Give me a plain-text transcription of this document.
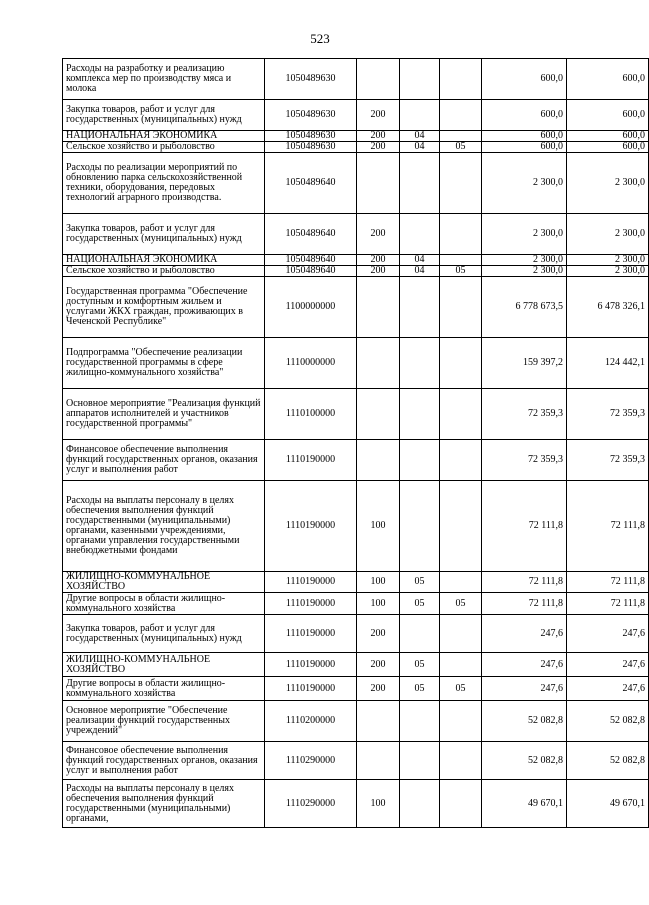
523
Расходы на разработку и реализацию комплекса мер по производству мяса и молока	1050489630				600,0	600,0
Закупка товаров, работ и услуг для государственных (муниципальных) нужд	1050489630	200			600,0	600,0
НАЦИОНАЛЬНАЯ ЭКОНОМИКА	1050489630	200	04		600,0	600,0
Сельское хозяйство и рыболовство	1050489630	200	04	05	600,0	600,0
Расходы по реализации мероприятий по обновлению парка сельскохозяйственной техники, оборудования, передовых технологий аграрного производства.	1050489640				2 300,0	2 300,0
Закупка товаров, работ и услуг для государственных (муниципальных) нужд	1050489640	200			2 300,0	2 300,0
НАЦИОНАЛЬНАЯ ЭКОНОМИКА	1050489640	200	04		2 300,0	2 300,0
Сельское хозяйство и рыболовство	1050489640	200	04	05	2 300,0	2 300,0
Государственная программа "Обеспечение доступным и комфортным жильем и услугами ЖКХ граждан, проживающих в Чеченской Республике"	1100000000				6 778 673,5	6 478 326,1
Подпрограмма "Обеспечение реализации государственной программы в сфере жилищно-коммунального хозяйства"	1110000000				159 397,2	124 442,1
Основное мероприятие "Реализация функций аппаратов исполнителей и участников государственной программы"	1110100000				72 359,3	72 359,3
Финансовое обеспечение выполнения функций государственных органов, оказания услуг и выполнения работ	1110190000				72 359,3	72 359,3
Расходы на выплаты персоналу в целях обеспечения выполнения функций государственными (муниципальными) органами, казенными учреждениями, органами управления государственными внебюджетными фондами	1110190000	100			72 111,8	72 111,8
ЖИЛИЩНО-КОММУНАЛЬНОЕ ХОЗЯЙСТВО	1110190000	100	05		72 111,8	72 111,8
Другие вопросы в области жилищно-коммунального хозяйства	1110190000	100	05	05	72 111,8	72 111,8
Закупка товаров, работ и услуг для государственных (муниципальных) нужд	1110190000	200			247,6	247,6
ЖИЛИЩНО-КОММУНАЛЬНОЕ ХОЗЯЙСТВО	1110190000	200	05		247,6	247,6
Другие вопросы в области жилищно-коммунального хозяйства	1110190000	200	05	05	247,6	247,6
Основное мероприятие "Обеспечение реализации функций государственных учреждений"	1110200000				52 082,8	52 082,8
Финансовое обеспечение выполнения функций государственных органов, оказания услуг и выполнения работ	1110290000				52 082,8	52 082,8
Расходы на выплаты персоналу в целях обеспечения выполнения функций государственными (муниципальными) органами,	1110290000	100			49 670,1	49 670,1
